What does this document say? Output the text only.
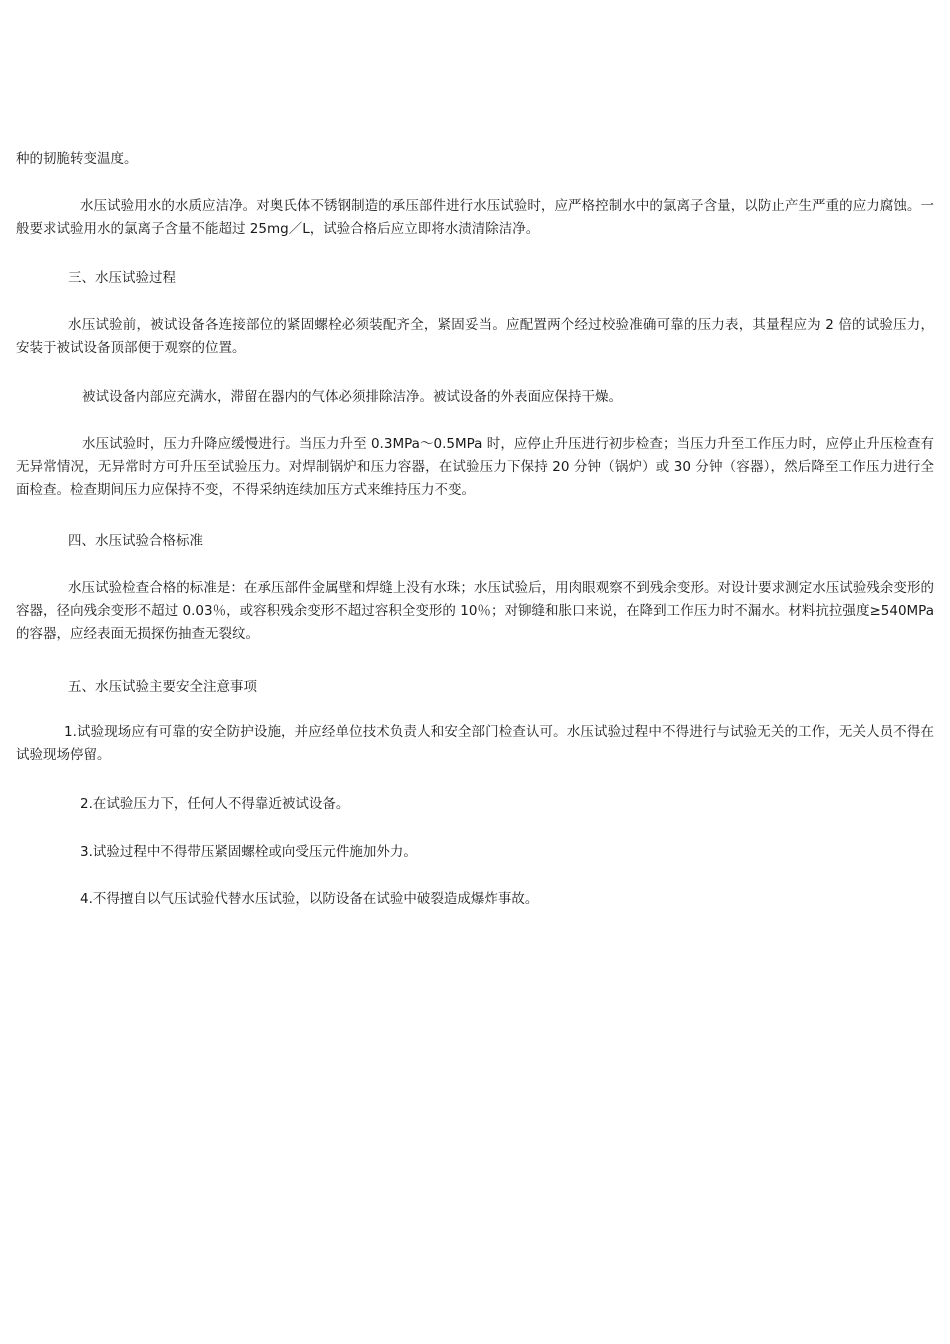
种的韧脆转变温度。

水压试验用水的水质应洁净。对奥氏体不锈钢制造的承压部件进行水压试验时，应严格控制水中的氯离子含量，以防止产生严重的应力腐蚀。一般要求试验用水的氯离子含量不能超过 25mg／L，试验合格后应立即将水渍清除洁净。

三、水压试验过程

水压试验前，被试设备各连接部位的紧固螺栓必须装配齐全，紧固妥当。应配置两个经过校验准确可靠的压力表，其量程应为 2 倍的试验压力，安装于被试设备顶部便于观察的位置。

被试设备内部应充满水，滞留在器内的气体必须排除洁净。被试设备的外表面应保持干燥。

水压试验时，压力升降应缓慢进行。当压力升至 0.3MPa～0.5MPa 时，应停止升压进行初步检查；当压力升至工作压力时，应停止升压检查有无异常情况，无异常时方可升压至试验压力。对焊制锅炉和压力容器，在试验压力下保持 20 分钟（锅炉）或 30 分钟（容器），然后降至工作压力进行全面检查。检查期间压力应保持不变，不得采纳连续加压方式来维持压力不变。

四、水压试验合格标准

水压试验检查合格的标准是：在承压部件金属壁和焊缝上没有水珠；水压试验后，用肉眼观察不到残余变形。对设计要求测定水压试验残余变形的容器，径向残余变形不超过 0.03％，或容积残余变形不超过容积全变形的 10％；对铆缝和胀口来说，在降到工作压力时不漏水。材料抗拉强度≥540MPa 的容器，应经表面无损探伤抽查无裂纹。

五、水压试验主要安全注意事项

1.试验现场应有可靠的安全防护设施，并应经单位技术负责人和安全部门检查认可。水压试验过程中不得进行与试验无关的工作，无关人员不得在试验现场停留。

2.在试验压力下，任何人不得靠近被试设备。

3.试验过程中不得带压紧固螺栓或向受压元件施加外力。

4.不得擅自以气压试验代替水压试验，以防设备在试验中破裂造成爆炸事故。
